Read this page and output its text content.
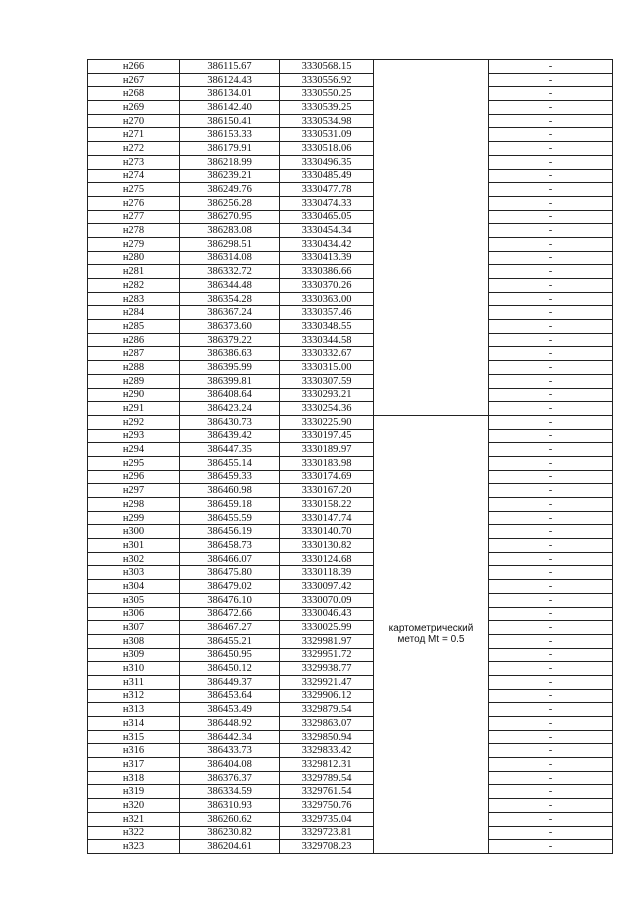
н266	386115.67	3330568.15		-
н267	386124.43	3330556.92		-
н268	386134.01	3330550.25		-
н269	386142.40	3330539.25		-
н270	386150.41	3330534.98		-
н271	386153.33	3330531.09		-
н272	386179.91	3330518.06		-
н273	386218.99	3330496.35		-
н274	386239.21	3330485.49		-
н275	386249.76	3330477.78		-
н276	386256.28	3330474.33		-
н277	386270.95	3330465.05		-
н278	386283.08	3330454.34		-
н279	386298.51	3330434.42		-
н280	386314.08	3330413.39		-
н281	386332.72	3330386.66		-
н282	386344.48	3330370.26		-
н283	386354.28	3330363.00		-
н284	386367.24	3330357.46		-
н285	386373.60	3330348.55		-
н286	386379.22	3330344.58		-
н287	386386.63	3330332.67		-
н288	386395.99	3330315.00		-
н289	386399.81	3330307.59		-
н290	386408.64	3330293.21		-
н291	386423.24	3330254.36		-
н292	386430.73	3330225.90	картометрический метод Mt = 0.5	-
н293	386439.42	3330197.45		-
н294	386447.35	3330189.97		-
н295	386455.14	3330183.98		-
н296	386459.33	3330174.69		-
н297	386460.98	3330167.20		-
н298	386459.18	3330158.22		-
н299	386455.59	3330147.74		-
н300	386456.19	3330140.70		-
н301	386458.73	3330130.82		-
н302	386466.07	3330124.68		-
н303	386475.80	3330118.39		-
н304	386479.02	3330097.42		-
н305	386476.10	3330070.09		-
н306	386472.66	3330046.43		-
н307	386467.27	3330025.99		-
н308	386455.21	3329981.97		-
н309	386450.95	3329951.72		-
н310	386450.12	3329938.77		-
н311	386449.37	3329921.47		-
н312	386453.64	3329906.12		-
н313	386453.49	3329879.54		-
н314	386448.92	3329863.07		-
н315	386442.34	3329850.94		-
н316	386433.73	3329833.42		-
н317	386404.08	3329812.31		-
н318	386376.37	3329789.54		-
н319	386334.59	3329761.54		-
н320	386310.93	3329750.76		-
н321	386260.62	3329735.04		-
н322	386230.82	3329723.81		-
н323	386204.61	3329708.23		-
